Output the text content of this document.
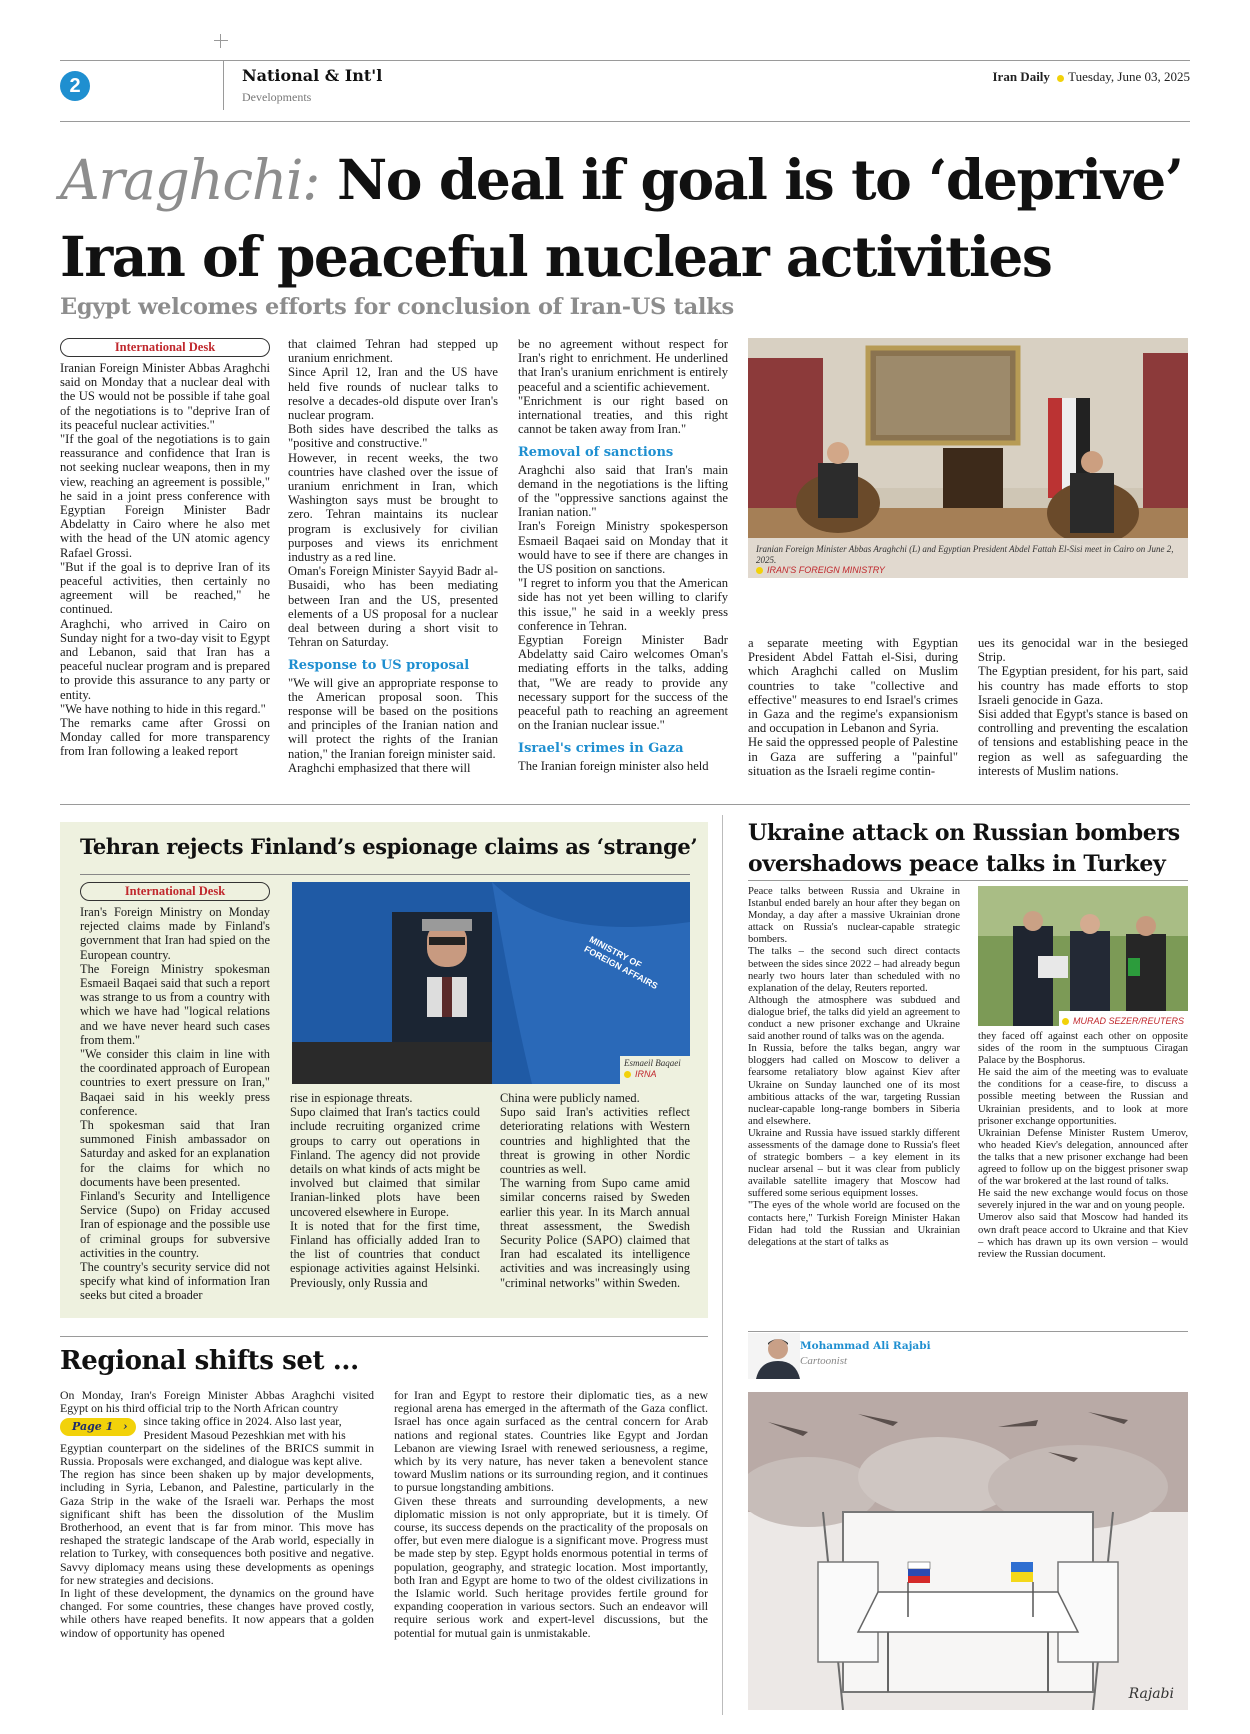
2	National & Int'l
Developments
Iran Daily Tuesday, June 03, 2025
Araghchi: No deal if goal is to ‘deprive’
Iran of peaceful nuclear activities
Egypt welcomes efforts for conclusion of Iran-US talks
International Desk

Iranian Foreign Minister Abbas Araghchi said on Monday that a nuclear deal with the US would not be possible if tahe goal of the negotiations is to "deprive Iran of its peaceful nuclear activities."

"If the goal of the negotiations is to gain reassurance and confidence that Iran is not seeking nuclear weapons, then in my view, reaching an agreement is possible," he said in a joint press conference with Egyptian Foreign Minister Badr Abdelatty in Cairo where he also met with the head of the UN atomic agency Rafael Grossi.

"But if the goal is to deprive Iran of its peaceful activities, then certainly no agreement will be reached," he continued.

Araghchi, who arrived in Cairo on Sunday night for a two-day visit to Egypt and Lebanon, said that Iran has a peaceful nuclear program and is prepared to provide this assurance to any party or entity.

"We have nothing to hide in this regard."

The remarks came after Grossi on Monday called for more transparency from Iran following a leaked report

that claimed Tehran had stepped up uranium enrichment.

Since April 12, Iran and the US have held five rounds of nuclear talks to resolve a decades-old dispute over Iran's nuclear program.

Both sides have described the talks as "positive and constructive."

However, in recent weeks, the two countries have clashed over the issue of uranium enrichment in Iran, which Washington says must be brought to zero. Tehran maintains its nuclear program is exclusively for civilian purposes and views its enrichment industry as a red line.

Oman's Foreign Minister Sayyid Badr al-Busaidi, who has been mediating between Iran and the US, presented elements of a US proposal for a nuclear deal between during a short visit to Tehran on Saturday.

Response to US proposal

"We will give an appropriate response to the American proposal soon. This response will be based on the positions and principles of the Iranian nation and will protect the rights of the Iranian nation," the Iranian foreign minister said.

Araghchi emphasized that there will

be no agreement without respect for Iran's right to enrichment. He underlined that Iran's uranium enrichment is entirely peaceful and a scientific achievement.

"Enrichment is our right based on international treaties, and this right cannot be taken away from Iran."

Removal of sanctions

Araghchi also said that Iran's main demand in the negotiations is the lifting of the "oppressive sanctions against the Iranian nation."

Iran's Foreign Ministry spokesperson Esmaeil Baqaei said on Monday that it would have to see if there are changes in the US position on sanctions.

"I regret to inform you that the American side has not yet been willing to clarify this issue," he said in a weekly press conference in Tehran.

Egyptian Foreign Minister Badr Abdelatty said Cairo welcomes Oman's mediating efforts in the talks, adding that, "We are ready to provide any necessary support for the success of the peaceful path to reaching an agreement on the Iranian nuclear issue."

Israel's crimes in Gaza

The Iranian foreign minister also held

Iranian Foreign Minister Abbas Araghchi (L) and Egyptian President Abdel Fattah El-Sisi meet in Cairo on June 2, 2025.
IRAN'S FOREIGN MINISTRY

a separate meeting with Egyptian President Abdel Fattah el-Sisi, during which Araghchi called on Muslim countries to take "collective and effective" measures to end Israel's crimes in Gaza and the regime's expansionism and occupation in Lebanon and Syria.

He said the oppressed people of Palestine in Gaza are suffering a "painful" situation as the Israeli regime contin-

ues its genocidal war in the besieged Strip.

The Egyptian president, for his part, said his country has made efforts to stop Israeli genocide in Gaza.

Sisi added that Egypt's stance is based on controlling and preventing the escalation of tensions and establishing peace in the region as well as safeguarding the interests of Muslim nations.

Tehran rejects Finland’s espionage claims as ‘strange’
International Desk

Iran's Foreign Ministry on Monday rejected claims made by Finland's government that Iran had spied on the European country.

The Foreign Ministry spokesman Esmaeil Baqaei said that such a report was strange to us from a country with which we have had "logical relations and we have never heard such cases from them."

"We consider this claim in line with the coordinated approach of European countries to exert pressure on Iran," Baqaei said in his weekly press conference.

Th spokesman said that Iran summoned Finish ambassador on Saturday and asked for an explanation for the claims for which no documents have been presented.

Finland's Security and Intelligence Service (Supo) on Friday accused Iran of espionage and the possible use of criminal groups for subversive activities in the country.

The country's security service did not specify what kind of information Iran seeks but cited a broader

MINISTRY OF FOREIGN AFFAIRS
Esmaeil Baqaei
IRNA

rise in espionage threats.

Supo claimed that Iran's tactics could include recruiting organized crime groups to carry out operations in Finland. The agency did not provide details on what kinds of acts might be involved but claimed that similar Iranian-linked plots have been uncovered elsewhere in Europe.

It is noted that for the first time, Finland has officially added Iran to the list of countries that conduct espionage activities against Helsinki. Previously, only Russia and

China were publicly named.

Supo said Iran's activities reflect deteriorating relations with Western countries and highlighted that the threat is growing in other Nordic countries as well.

The warning from Supo came amid similar concerns raised by Sweden earlier this year. In its March annual threat assessment, the Swedish Security Police (SAPO) claimed that Iran had escalated its intelligence activities and was increasingly using "criminal networks" within Sweden.

Ukraine attack on Russian bombers
overshadows peace talks in Turkey

Peace talks between Russia and Ukraine in Istanbul ended barely an hour after they began on Monday, a day after a massive Ukrainian drone attack on Russia's nuclear-capable strategic bombers.

The talks – the second such direct contacts between the sides since 2022 – had already begun nearly two hours later than scheduled with no explanation of the delay, Reuters reported.

Although the atmosphere was subdued and dialogue brief, the talks did yield an agreement to conduct a new prisoner exchange and Ukraine said another round of talks was on the agenda.

In Russia, before the talks began, angry war bloggers had called on Moscow to deliver a fearsome retaliatory blow against Kiev after Ukraine on Sunday launched one of its most ambitious attacks of the war, targeting Russian nuclear-capable long-range bombers in Siberia and elsewhere.

Ukraine and Russia have issued starkly different assessments of the damage done to Russia's fleet of strategic bombers – a key element in its nuclear arsenal – but it was clear from publicly available satellite imagery that Moscow had suffered some serious equipment losses.

"The eyes of the whole world are focused on the contacts here," Turkish Foreign Minister Hakan Fidan had told the Russian and Ukrainian delegations at the start of talks as

MURAD SEZER/REUTERS

they faced off against each other on opposite sides of the room in the sumptuous Ciragan Palace by the Bosphorus.

He said the aim of the meeting was to evaluate the conditions for a cease-fire, to discuss a possible meeting between the Russian and Ukrainian presidents, and to look at more prisoner exchange opportunities.

Ukrainian Defense Minister Rustem Umerov, who headed Kiev's delegation, announced after the talks that a new prisoner exchange had been agreed to follow up on the biggest prisoner swap of the war brokered at the last round of talks.

He said the new exchange would focus on those severely injured in the war and on young people.

Umerov also said that Moscow had handed its own draft peace accord to Ukraine and that Kiev – which has drawn up its own version – would review the Russian document.

Regional shifts set ...

On Monday, Iran's Foreign Minister Abbas Araghchi visited Egypt on his third official trip to the North African country

Page 1 ›	since taking office in 2024. Also last year,

President Masoud Pezeshkian met with his

Egyptian counterpart on the sidelines of the BRICS summit in Russia. Proposals were exchanged, and dialogue was kept alive.

The region has since been shaken up by major developments, including in Syria, Lebanon, and Palestine, particularly in the Gaza Strip in the wake of the Israeli war. Perhaps the most significant shift has been the dissolution of the Muslim Brotherhood, an event that is far from minor. This move has reshaped the strategic landscape of the Arab world, especially in relation to Turkey, with consequences both positive and negative. Savvy diplomacy means using these developments as openings for new strategies and decisions.

In light of these development, the dynamics on the ground have changed. For some countries, these changes have proved costly, while others have reaped benefits. It now appears that a golden window of opportunity has opened

for Iran and Egypt to restore their diplomatic ties, as a new regional arena has emerged in the aftermath of the Gaza conflict. Israel has once again surfaced as the central concern for Arab nations and regional states. Countries like Egypt and Jordan Lebanon are viewing Israel with renewed seriousness, a regime, which by its very nature, has never taken a benevolent stance toward Muslim nations or its surrounding region, and it continues to pursue longstanding ambitions.

Given these threats and surrounding developments, a new diplomatic mission is not only appropriate, but it is timely. Of course, its success depends on the practicality of the proposals on offer, but even mere dialogue is a significant move. Progress must be made step by step. Egypt holds enormous potential in terms of population, geography, and strategic location. Most importantly, both Iran and Egypt are home to two of the oldest civilizations in the Islamic world. Such heritage provides fertile ground for expanding cooperation in various sectors. Such an endeavor will require serious work and expert-level discussions, but the potential for mutual gain is unmistakable.

Mohammad Ali Rajabi
Cartoonist
Rajabi
